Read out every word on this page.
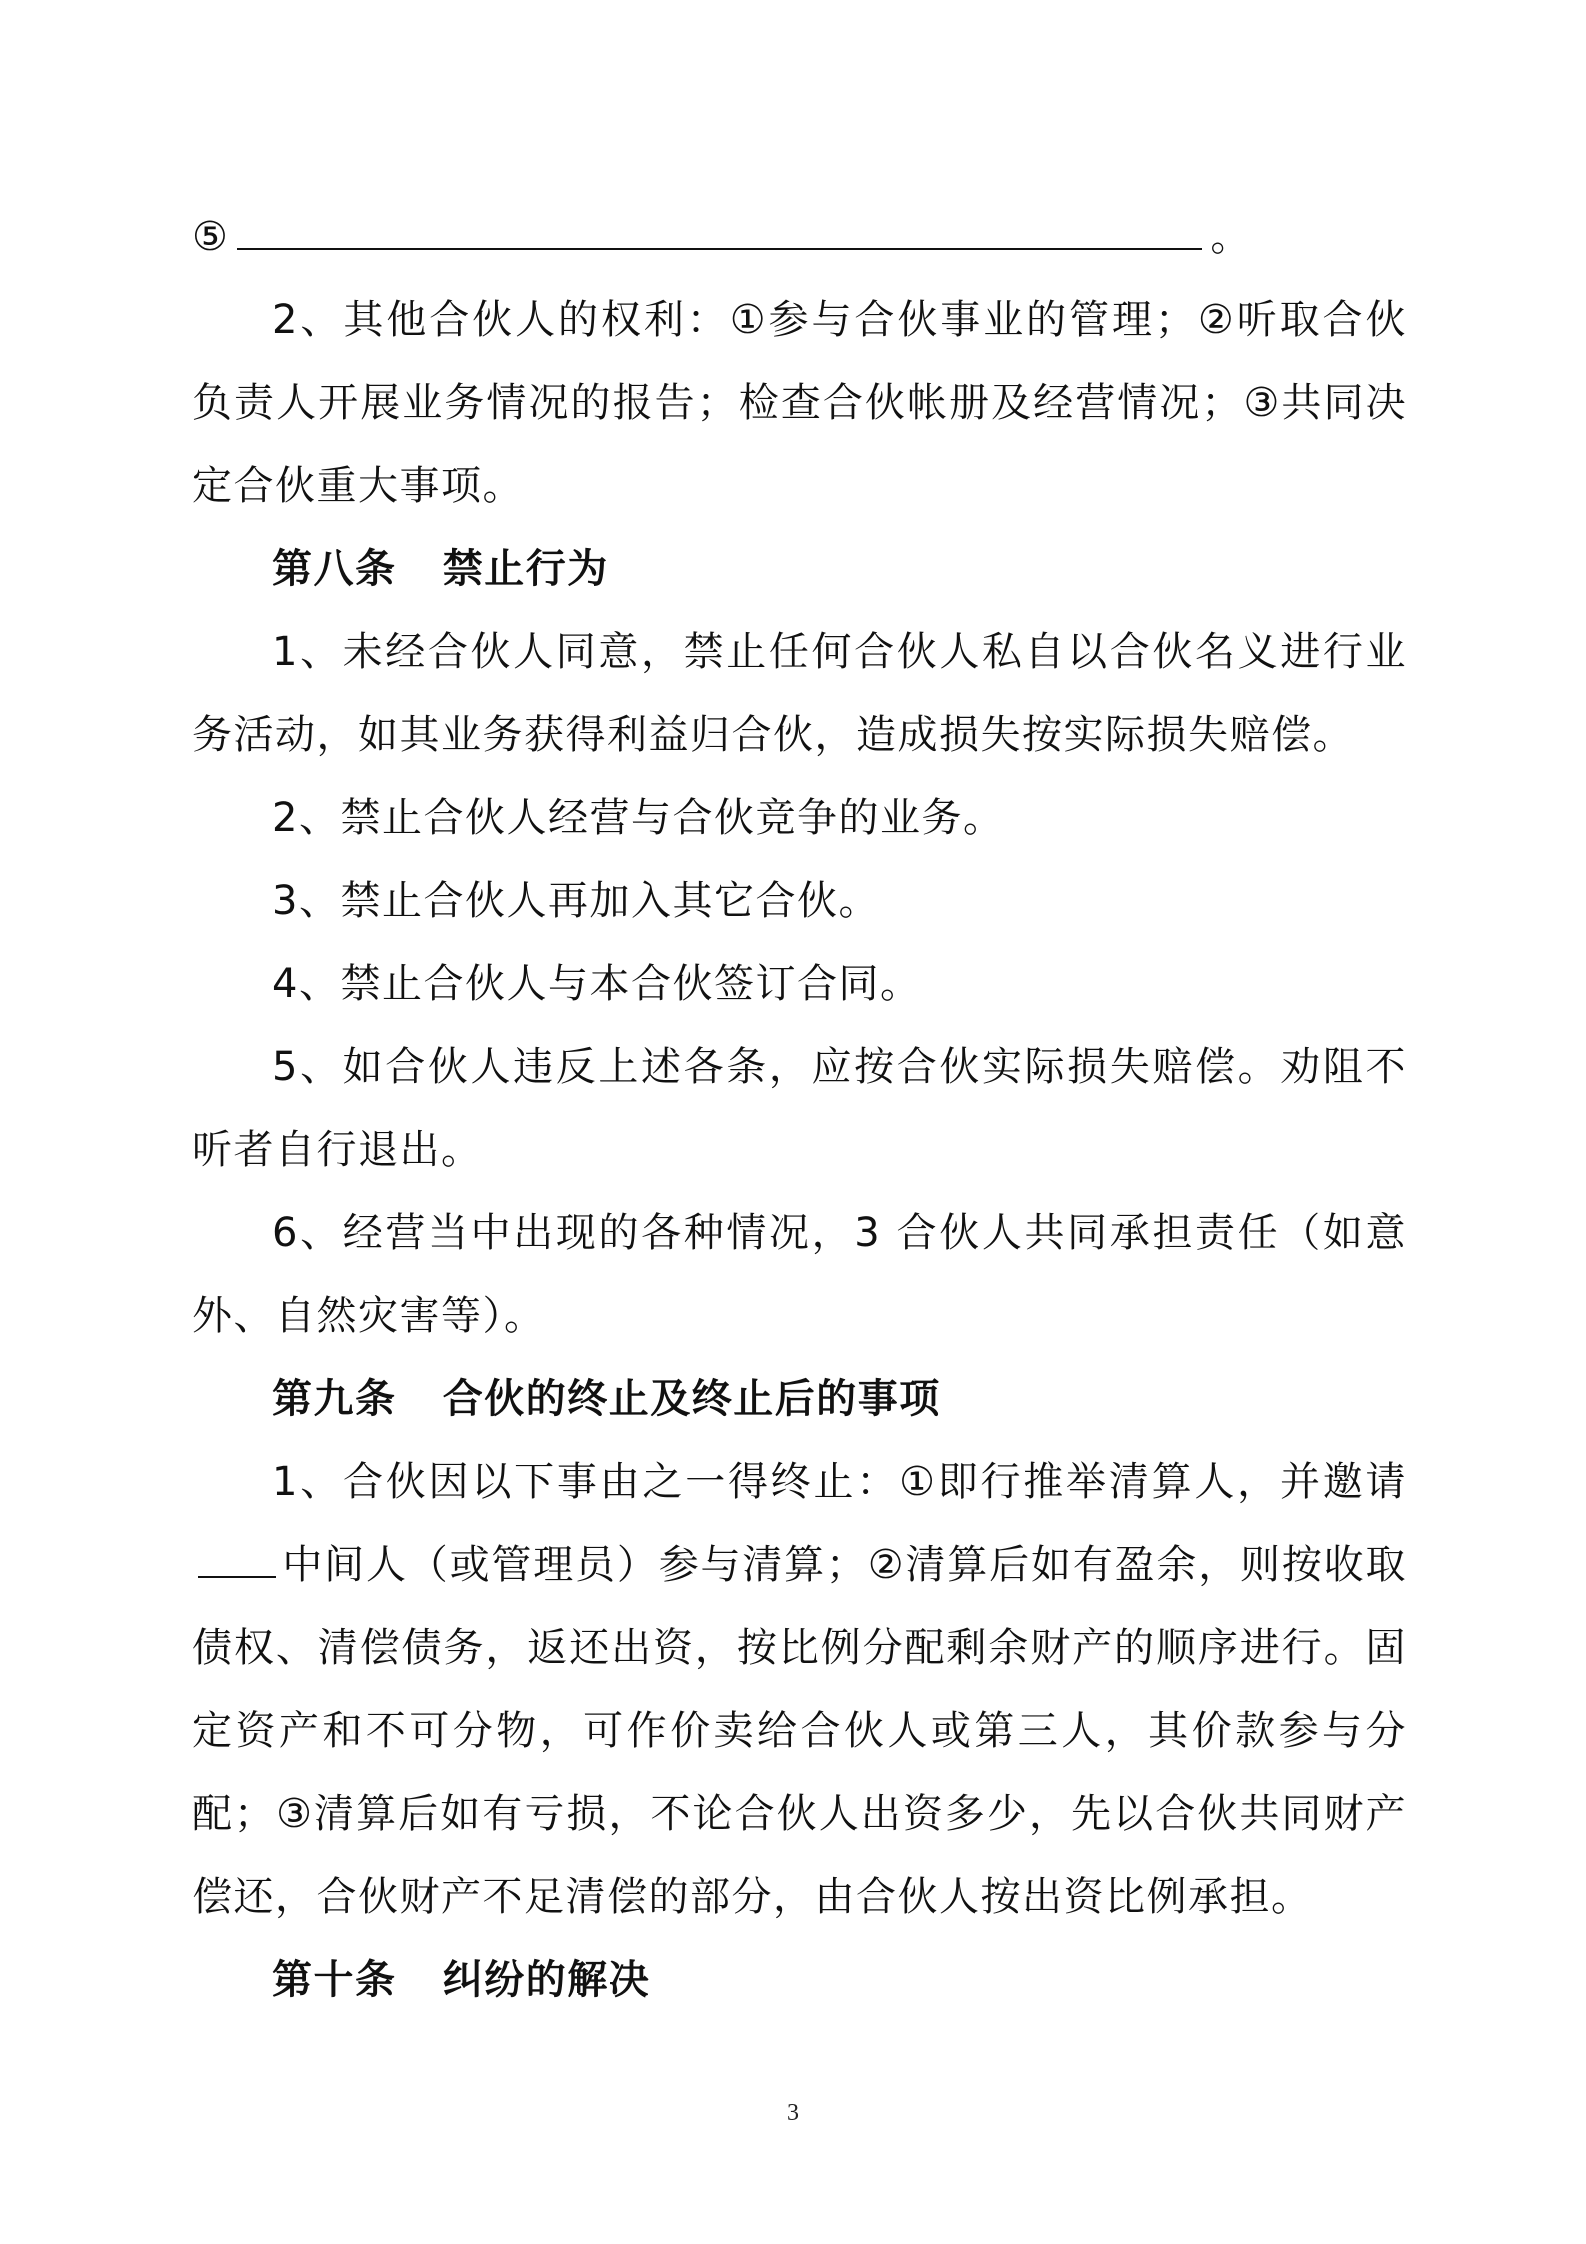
⑤	。

2、其他合伙人的权利：①参与合伙事业的管理；②听取合伙负责人开展业务情况的报告；检查合伙帐册及经营情况；③共同决定合伙重大事项。

第八条 禁止行为

1、未经合伙人同意，禁止任何合伙人私自以合伙名义进行业务活动，如其业务获得利益归合伙，造成损失按实际损失赔偿。

2、禁止合伙人经营与合伙竞争的业务。

3、禁止合伙人再加入其它合伙。

4、禁止合伙人与本合伙签订合同。

5、如合伙人违反上述各条，应按合伙实际损失赔偿。劝阻不听者自行退出。

6、经营当中出现的各种情况，3 合伙人共同承担责任（如意外、自然灾害等）。

第九条 合伙的终止及终止后的事项

1、合伙因以下事由之一得终止：①即行推举清算人，并邀请中间人（或管理员）参与清算；②清算后如有盈余，则按收取债权、清偿债务，返还出资，按比例分配剩余财产的顺序进行。固定资产和不可分物，可作价卖给合伙人或第三人，其价款参与分配；③清算后如有亏损，不论合伙人出资多少，先以合伙共同财产偿还，合伙财产不足清偿的部分，由合伙人按出资比例承担。

第十条 纠纷的解决

3
